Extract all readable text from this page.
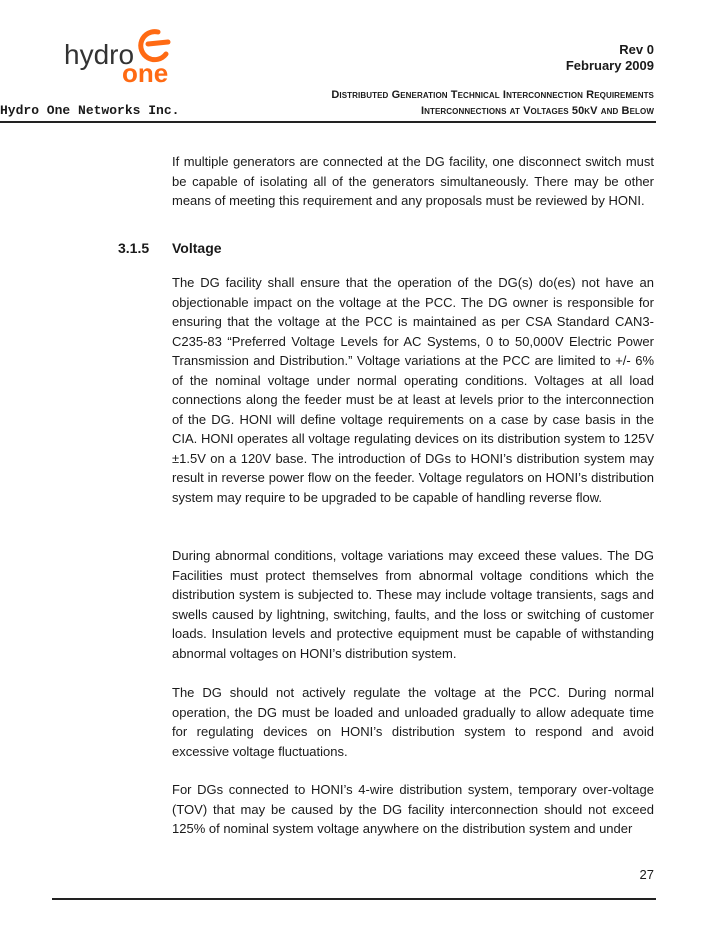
hydro
one
Rev 0
February 2009
Distributed Generation Technical Interconnection Requirements
Interconnections at Voltages 50kV and Below
Hydro One Networks Inc.

If multiple generators are connected at the DG facility, one disconnect switch must be capable of isolating all of the generators simultaneously. There may be other means of meeting this requirement and any proposals must be reviewed by HONI.

3.1.5 Voltage

The DG facility shall ensure that the operation of the DG(s) do(es) not have an objectionable impact on the voltage at the PCC. The DG owner is responsible for ensuring that the voltage at the PCC is maintained as per CSA Standard CAN3-C235-83 “Preferred Voltage Levels for AC Systems, 0 to 50,000V Electric Power Transmission and Distribution.” Voltage variations at the PCC are limited to +/- 6% of the nominal voltage under normal operating conditions. Voltages at all load connections along the feeder must be at least at levels prior to the interconnection of the DG. HONI will define voltage requirements on a case by case basis in the CIA. HONI operates all voltage regulating devices on its distribution system to 125V ±1.5V on a 120V base. The introduction of DGs to HONI’s distribution system may result in reverse power flow on the feeder. Voltage regulators on HONI’s distribution system may require to be upgraded to be capable of handling reverse flow.

During abnormal conditions, voltage variations may exceed these values. The DG Facilities must protect themselves from abnormal voltage conditions which the distribution system is subjected to. These may include voltage transients, sags and swells caused by lightning, switching, faults, and the loss or switching of customer loads. Insulation levels and protective equipment must be capable of withstanding abnormal voltages on HONI’s distribution system.

The DG should not actively regulate the voltage at the PCC. During normal operation, the DG must be loaded and unloaded gradually to allow adequate time for regulating devices on HONI’s distribution system to respond and avoid excessive voltage fluctuations.

For DGs connected to HONI’s 4-wire distribution system, temporary over-voltage (TOV) that may be caused by the DG facility interconnection should not exceed 125% of nominal system voltage anywhere on the distribution system and under

27
